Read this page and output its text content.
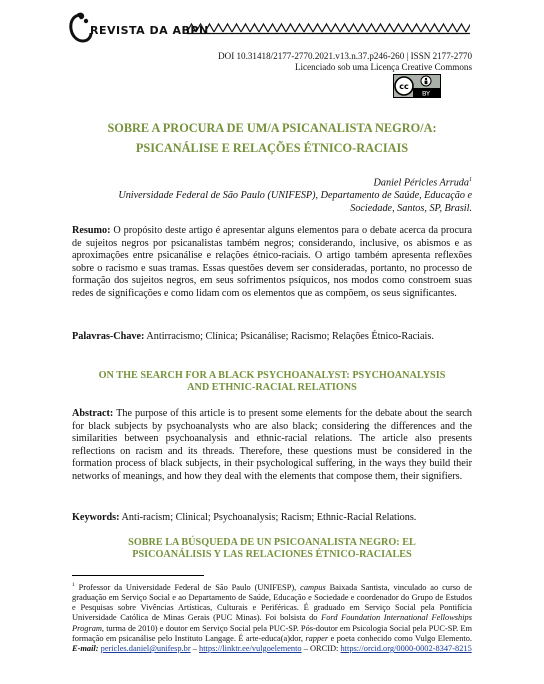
REVISTA DA ABPN
DOI 10.31418/2177-2770.2021.v13.n.37.p246-260 | ISSN 2177-2770
Licenciado sob uma Licença Creative Commons
cc
BY
SOBRE A PROCURA DE UM/A PSICANALISTA NEGRO/A:
PSICANÁLISE E RELAÇÕES ÉTNICO-RACIAIS
Daniel Péricles Arruda$^1$
Universidade Federal de São Paulo (UNIFESP), Departamento de Saúde, Educação e
Sociedade, Santos, SP, Brasil.
Resumo: O propósito deste artigo é apresentar alguns elementos para o debate acerca da procura de sujeitos negros por psicanalistas também negros; considerando, inclusive, os abismos e as aproximações entre psicanálise e relações étnico-raciais. O artigo também apresenta reflexões sobre o racismo e suas tramas. Essas questões devem ser consideradas, portanto, no processo de formação dos sujeitos negros, em seus sofrimentos psíquicos, nos modos como constroem suas redes de significações e como lidam com os elementos que as compõem, os seus significantes.
Palavras-Chave: Antirracismo; Clínica; Psicanálise; Racismo; Relações Étnico-Raciais.
ON THE SEARCH FOR A BLACK PSYCHOANALYST: PSYCHOANALYSIS
AND ETHNIC-RACIAL RELATIONS
Abstract: The purpose of this article is to present some elements for the debate about the search for black subjects by psychoanalysts who are also black; considering the differences and the similarities between psychoanalysis and ethnic-racial relations. The article also presents reflections on racism and its threads. Therefore, these questions must be considered in the formation process of black subjects, in their psychological suffering, in the ways they build their networks of meanings, and how they deal with the elements that compose them, their signifiers.
Keywords: Anti-racism; Clinical; Psychoanalysis; Racism; Ethnic-Racial Relations.
SOBRE LA BÚSQUEDA DE UN PSICOANALISTA NEGRO: EL
PSICOANÁLISIS Y LAS RELACIONES ÉTNICO-RACIALES
$^1$ Professor da Universidade Federal de São Paulo (UNIFESP), campus Baixada Santista, vinculado ao curso de graduação em Serviço Social e ao Departamento de Saúde, Educação e Sociedade e coordenador do Grupo de Estudos e Pesquisas sobre Vivências Artísticas, Culturais e Periféricas. É graduado em Serviço Social pela Pontifícia Universidade Católica de Minas Gerais (PUC Minas). Foi bolsista do Ford Foundation International Fellowships Program, turma de 2010) e doutor em Serviço Social pela PUC-SP. Pós-doutor em Psicologia Social pela PUC-SP. Em formação em psicanálise pelo Instituto Langage. É arte-educa(a)dor, rapper e poeta conhecido como Vulgo Elemento. E-mail: pericles.daniel@unifesp.br – https://linktr.ee/vulgoelemento – ORCID: https://orcid.org/0000-0002-8347-8215
